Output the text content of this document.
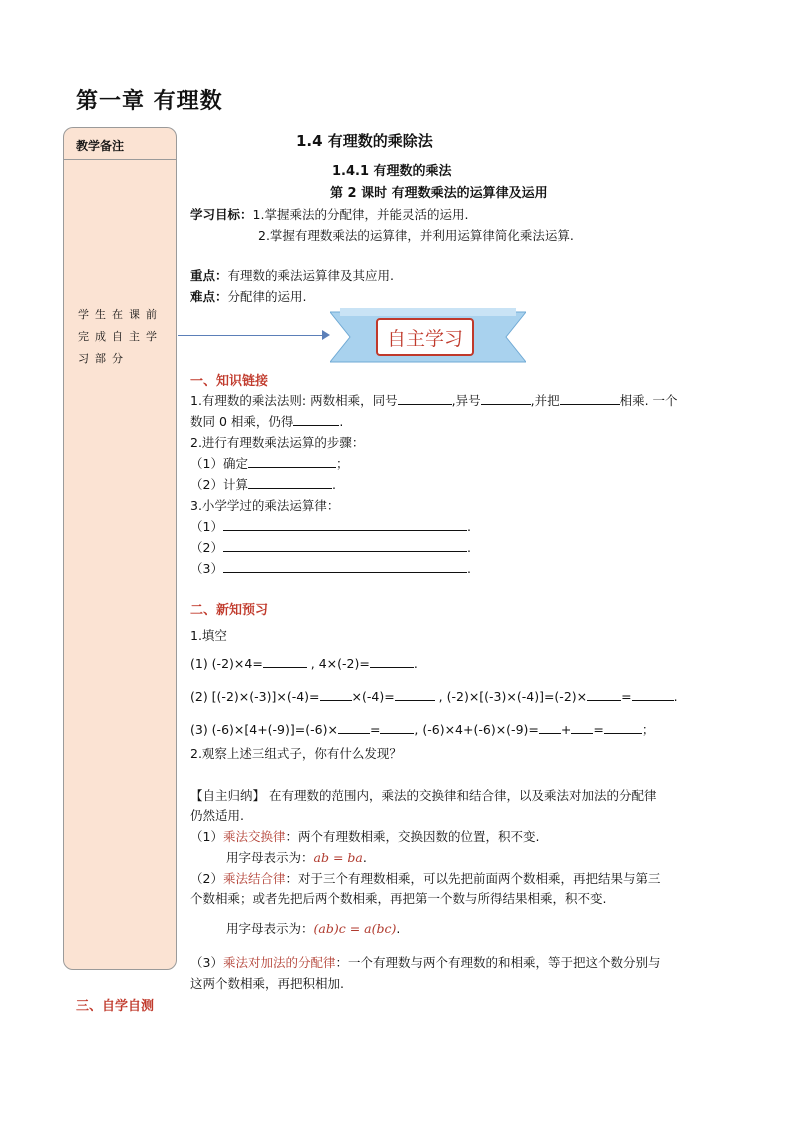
第一章 有理数
教学备注
学生在课前
完成自主学
习部分
1.4 有理数的乘除法
1.4.1 有理数的乘法
第 2 课时 有理数乘法的运算律及运用
学习目标：1.掌握乘法的分配律，并能灵活的运用.
2.掌握有理数乘法的运算律，并利用运算律简化乘法运算.
重点：有理数的乘法运算律及其应用.
难点：分配律的运用.
自主学习
一、知识链接
1.有理数的乘法法则: 两数相乘，同号	,异号	,并把	相乘. 一个
数同 0 相乘，仍得	.
2.进行有理数乘法运算的步骤：
（1）确定	；
（2）计算	.
3.小学学过的乘法运算律：
（1）	.
（2）	.
（3）	.
二、新知预习
1.填空
(1) (-2)×4=	, 4×(-2)=	.
(2) [(-2)×(-3)]×(-4)=	×(-4)=	, (-2)×[(-3)×(-4)]=(-2)×	=	.
(3) (-6)×[4+(-9)]=(-6)×	=	, (-6)×4+(-6)×(-9)= + =	；
2.观察上述三组式子，你有什么发现？
【自主归纳】 在有理数的范围内，乘法的交换律和结合律，以及乘法对加法的分配律
仍然适用.
（1）乘法交换律：两个有理数相乘，交换因数的位置，积不变.
用字母表示为：ab = ba.
（2）乘法结合律：对于三个有理数相乘，可以先把前面两个数相乘，再把结果与第三
个数相乘；或者先把后两个数相乘，再把第一个数与所得结果相乘，积不变.
用字母表示为：(ab)c = a(bc).
（3）乘法对加法的分配律：一个有理数与两个有理数的和相乘，等于把这个数分别与
这两个数相乘，再把积相加.
三、自学自测
